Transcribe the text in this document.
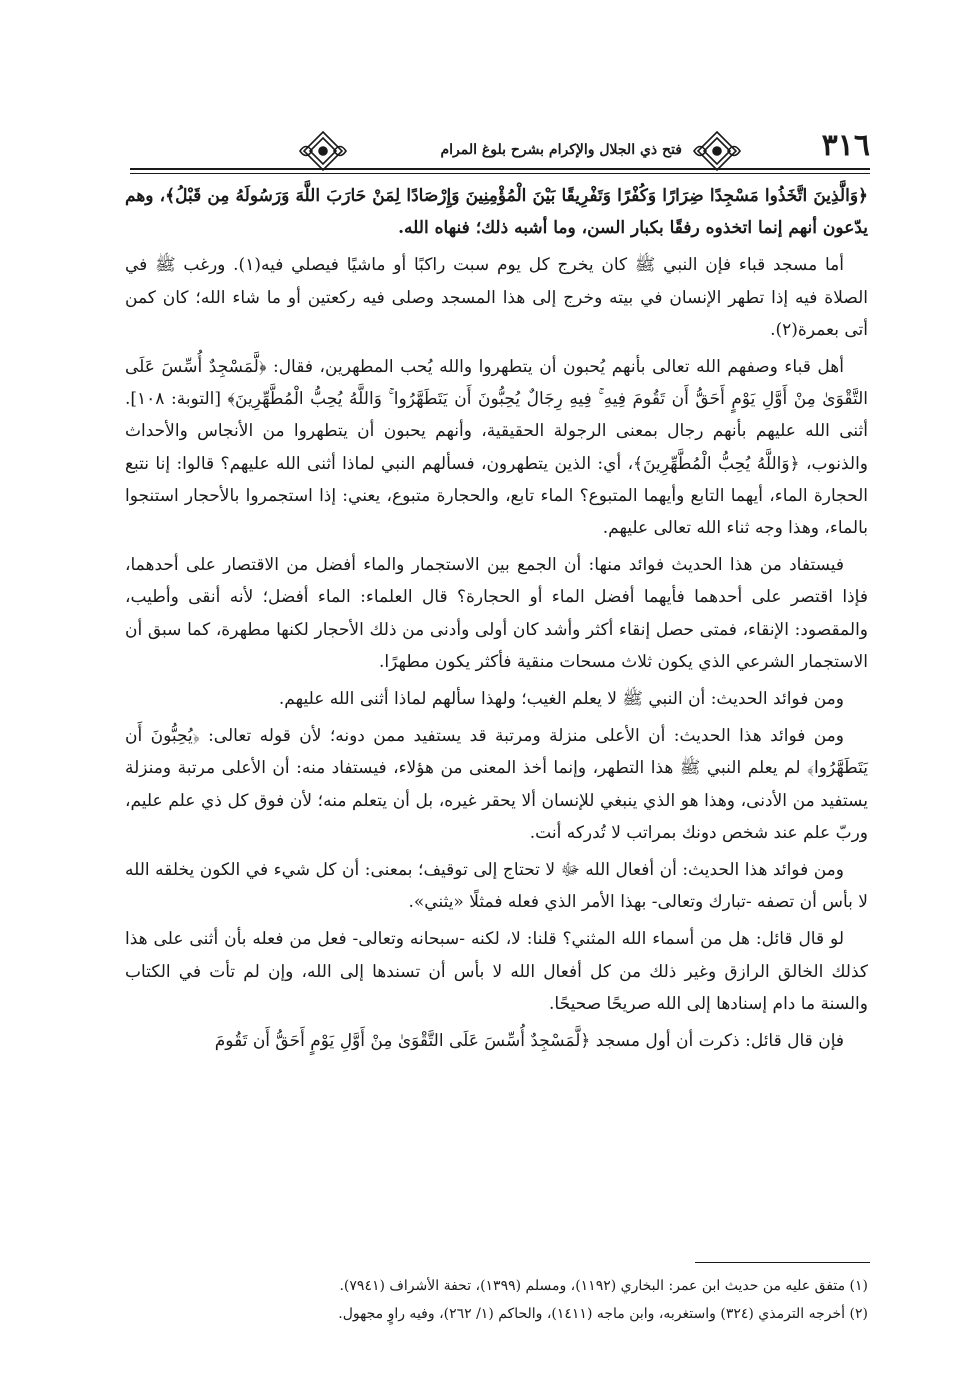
٣١٦
فتح ذي الجلال والإكرام بشرح بلوغ المرام

﴿وَالَّذِينَ اتَّخَذُوا مَسْجِدًا ضِرَارًا وَكُفْرًا وَتَفْرِيقًا بَيْنَ الْمُؤْمِنِينَ وَإِرْصَادًا لِمَنْ حَارَبَ اللَّهَ وَرَسُولَهُ مِن قَبْلُ﴾، وهم يدّعون أنهم إنما اتخذوه رفقًا بكبار السن، وما أشبه ذلك؛ فنهاه الله.

أما مسجد قباء فإن النبي ﷺ كان يخرج كل يوم سبت راكبًا أو ماشيًا فيصلي فيه(١). ورغب ﷺ في الصلاة فيه إذا تطهر الإنسان في بيته وخرج إلى هذا المسجد وصلى فيه ركعتين أو ما شاء الله؛ كان كمن أتى بعمرة(٢).

أهل قباء وصفهم الله تعالى بأنهم يُحبون أن يتطهروا والله يُحب المطهرين، فقال: ﴿لَّمَسْجِدٌ أُسِّسَ عَلَى التَّقْوَىٰ مِنْ أَوَّلِ يَوْمٍ أَحَقُّ أَن تَقُومَ فِيهِ ۚ فِيهِ رِجَالٌ يُحِبُّونَ أَن يَتَطَهَّرُوا ۚ وَاللَّهُ يُحِبُّ الْمُطَّهِّرِينَ﴾ [التوبة: ١٠٨]. أثنى الله عليهم بأنهم رجال بمعنى الرجولة الحقيقية، وأنهم يحبون أن يتطهروا من الأنجاس والأحداث والذنوب، ﴿وَاللَّهُ يُحِبُّ الْمُطَّهِّرِينَ﴾، أي: الذين يتطهرون، فسألهم النبي لماذا أثنى الله عليهم؟ قالوا: إنا نتبع الحجارة الماء، أيهما التابع وأيهما المتبوع؟ الماء تابع، والحجارة متبوع، يعني: إذا استجمروا بالأحجار استنجوا بالماء، وهذا وجه ثناء الله تعالى عليهم.

فيستفاد من هذا الحديث فوائد منها: أن الجمع بين الاستجمار والماء أفضل من الاقتصار على أحدهما، فإذا اقتصر على أحدهما فأيهما أفضل الماء أو الحجارة؟ قال العلماء: الماء أفضل؛ لأنه أنقى وأطيب، والمقصود: الإنقاء، فمتى حصل إنقاء أكثر وأشد كان أولى وأدنى من ذلك الأحجار لكنها مطهرة، كما سبق أن الاستجمار الشرعي الذي يكون ثلاث مسحات منقية فأكثر يكون مطهرًا.

ومن فوائد الحديث: أن النبي ﷺ لا يعلم الغيب؛ ولهذا سألهم لماذا أثنى الله عليهم.

ومن فوائد هذا الحديث: أن الأعلى منزلة ومرتبة قد يستفيد ممن دونه؛ لأن قوله تعالى: ﴿يُحِبُّونَ أَن يَتَطَهَّرُوا﴾ لم يعلم النبي ﷺ هذا التطهر، وإنما أخذ المعنى من هؤلاء، فيستفاد منه: أن الأعلى مرتبة ومنزلة يستفيد من الأدنى، وهذا هو الذي ينبغي للإنسان ألا يحقر غيره، بل أن يتعلم منه؛ لأن فوق كل ذي علم عليم، وربّ علم عند شخص دونك بمراتب لا تُدركه أنت.

ومن فوائد هذا الحديث: أن أفعال الله ﷻ لا تحتاج إلى توقيف؛ بمعنى: أن كل شيء في الكون يخلقه الله لا بأس أن تصفه -تبارك وتعالى- بهذا الأمر الذي فعله فمثلًا «يثني».

لو قال قائل: هل من أسماء الله المثني؟ قلنا: لا، لكنه -سبحانه وتعالى- فعل من فعله بأن أثنى على هذا كذلك الخالق الرازق وغير ذلك من كل أفعال الله لا بأس أن تسندها إلى الله، وإن لم تأت في الكتاب والسنة ما دام إسنادها إلى الله صريحًا صحيحًا.

فإن قال قائل: ذكرت أن أول مسجد ﴿لَّمَسْجِدٌ أُسِّسَ عَلَى التَّقْوَىٰ مِنْ أَوَّلِ يَوْمٍ أَحَقُّ أَن تَقُومَ

(١) متفق عليه من حديث ابن عمر: البخاري (١١٩٢)، ومسلم (١٣٩٩)، تحفة الأشراف (٧٩٤١).

(٢) أخرجه الترمذي (٣٢٤) واستغربه، وابن ماجه (١٤١١)، والحاكم (١/ ٢٦٢)، وفيه راوٍ مجهول.
